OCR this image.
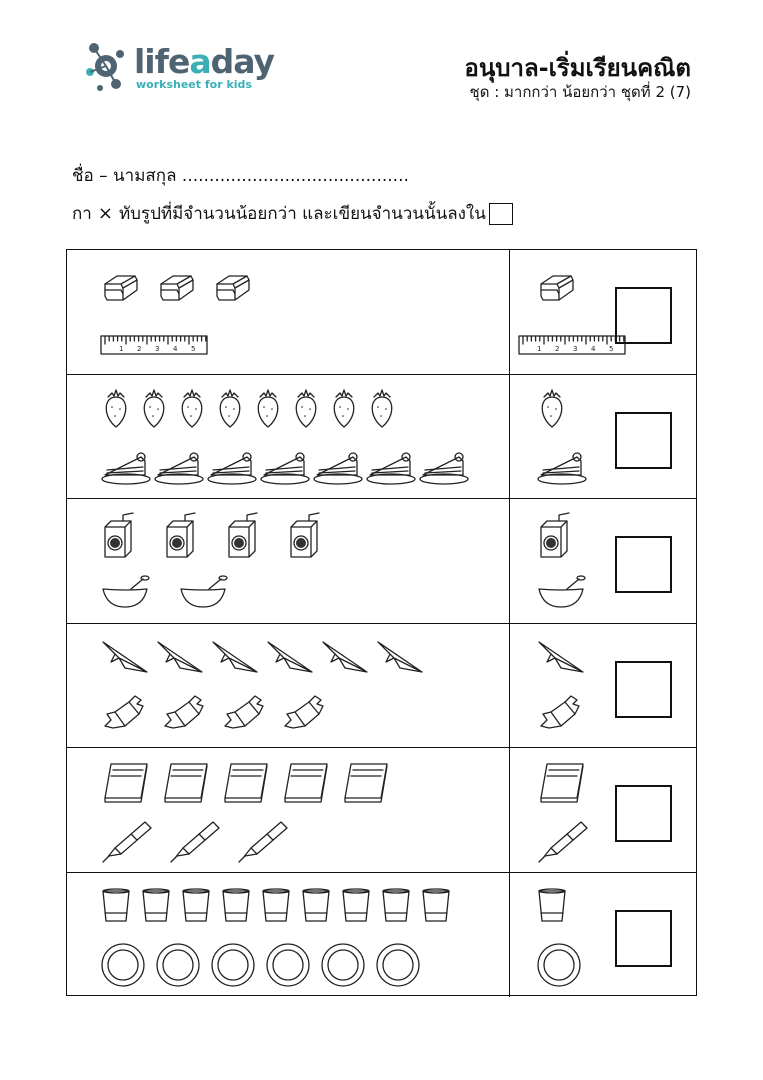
lifeaday
worksheet for kids
อนุบาล-เริ่มเรียนคณิต
ชุด : มากกว่า น้อยกว่า ชุดที่ 2 (7)
ชื่อ – นามสกุล ..........................................
กา × ทับรูปที่มีจำนวนน้อยกว่า และเขียนจำนวนนั้นลงใน
1 2 3 4 5	1 2 3 4 5
